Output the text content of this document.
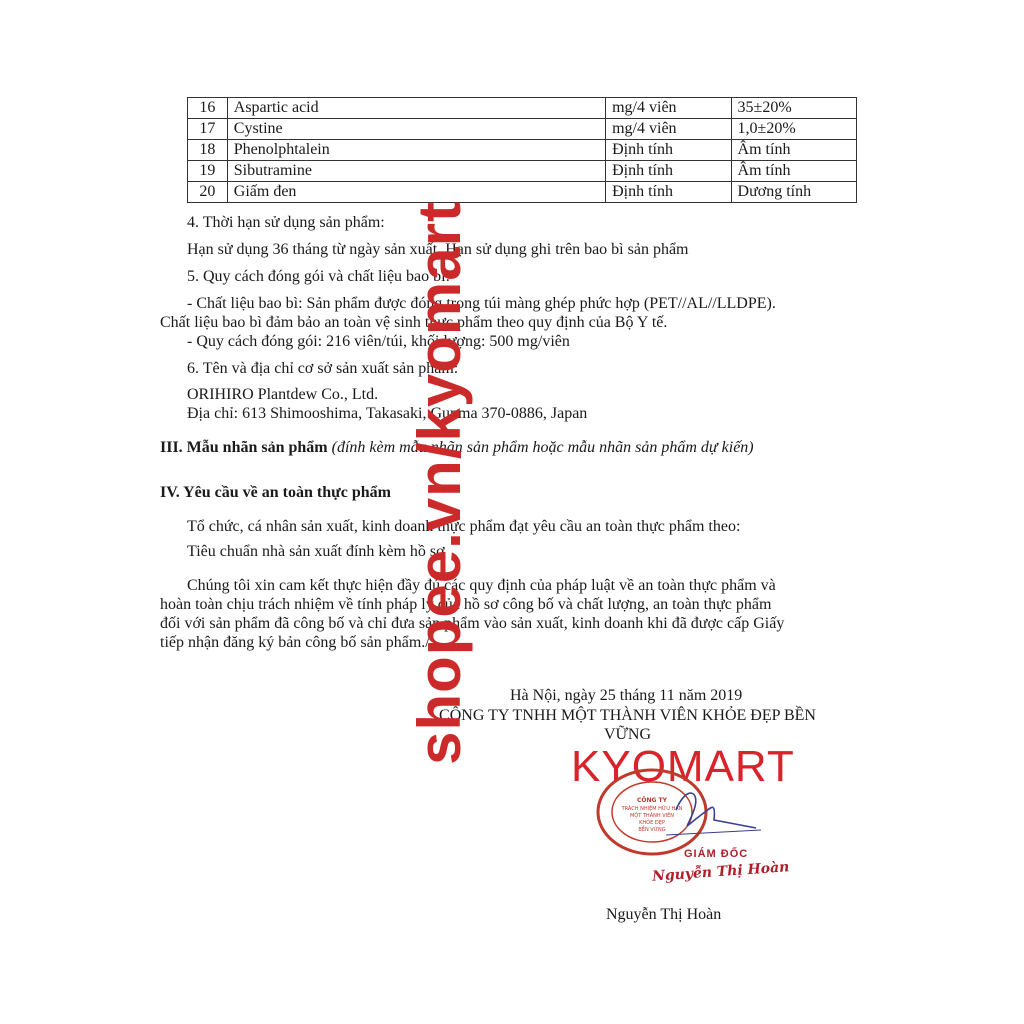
16	Aspartic acid	mg/4 viên	35±20%
17	Cystine	mg/4 viên	1,0±20%
18	Phenolphtalein	Định tính	Âm tính
19	Sibutramine	Định tính	Âm tính
20	Giấm đen	Định tính	Dương tính
4. Thời hạn sử dụng sản phẩm:
Hạn sử dụng 36 tháng từ ngày sản xuất. Hạn sử dụng ghi trên bao bì sản phẩm
5. Quy cách đóng gói và chất liệu bao bì:
- Chất liệu bao bì: Sản phẩm được đóng trong túi màng ghép phức hợp (PET//AL//LLDPE).
Chất liệu bao bì đảm bảo an toàn vệ sinh thực phẩm theo quy định của Bộ Y tế.
- Quy cách đóng gói: 216 viên/túi, khối lượng: 500 mg/viên
6. Tên và địa chỉ cơ sở sản xuất sản phẩm:
ORIHIRO Plantdew Co., Ltd.
Địa chỉ: 613 Shimooshima, Takasaki, Gunma 370-0886, Japan
III. Mẫu nhãn sản phẩm (đính kèm mẫu nhãn sản phẩm hoặc mẫu nhãn sản phẩm dự kiến)
IV. Yêu cầu về an toàn thực phẩm
Tổ chức, cá nhân sản xuất, kinh doanh thực phẩm đạt yêu cầu an toàn thực phẩm theo:
Tiêu chuẩn nhà sản xuất đính kèm hồ sơ
Chúng tôi xin cam kết thực hiện đầy đủ các quy định của pháp luật về an toàn thực phẩm và
hoàn toàn chịu trách nhiệm về tính pháp lý của hồ sơ công bố và chất lượng, an toàn thực phẩm
đối với sản phẩm đã công bố và chỉ đưa sản phẩm vào sản xuất, kinh doanh khi đã được cấp Giấy
tiếp nhận đăng ký bản công bố sản phẩm./.
Hà Nội, ngày 25 tháng 11 năm 2019
CÔNG TY TNHH MỘT THÀNH VIÊN KHỎE ĐẸP BỀN
VỮNG
KYOMART
CÔNG TY
TRÁCH NHIỆM HỮU HẠN
MỘT THÀNH VIÊN
KHỎE ĐẸP
BỀN VỮNG
GIÁM ĐỐC
Nguyễn Thị Hoàn
Nguyễn Thị Hoàn
shopee.vn/kyomart
